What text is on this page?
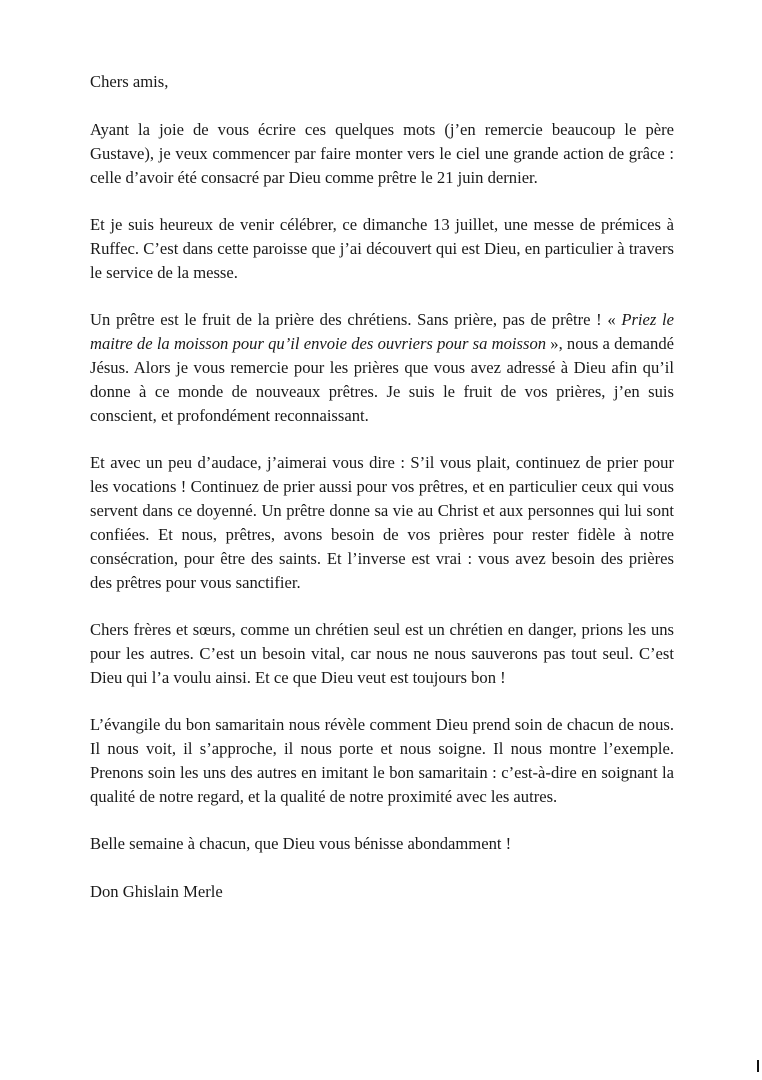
Chers amis,

Ayant la joie de vous écrire ces quelques mots (j’en remercie beaucoup le père Gustave), je veux commencer par faire monter vers le ciel une grande action de grâce : celle d’avoir été consacré par Dieu comme prêtre le 21 juin dernier.

Et je suis heureux de venir célébrer, ce dimanche 13 juillet, une messe de prémices à Ruffec. C’est dans cette paroisse que j’ai découvert qui est Dieu, en particulier à travers le service de la messe.

Un prêtre est le fruit de la prière des chrétiens. Sans prière, pas de prêtre ! « Priez le maitre de la moisson pour qu’il envoie des ouvriers pour sa moisson », nous a demandé Jésus. Alors je vous remercie pour les prières que vous avez adressé à Dieu afin qu’il donne à ce monde de nouveaux prêtres. Je suis le fruit de vos prières, j’en suis conscient, et profondément reconnaissant.

Et avec un peu d’audace, j’aimerai vous dire : S’il vous plait, continuez de prier pour les vocations ! Continuez de prier aussi pour vos prêtres, et en particulier ceux qui vous servent dans ce doyenné. Un prêtre donne sa vie au Christ et aux personnes qui lui sont confiées. Et nous, prêtres, avons besoin de vos prières pour rester fidèle à notre consécration, pour être des saints. Et l’inverse est vrai : vous avez besoin des prières des prêtres pour vous sanctifier.

Chers frères et sœurs, comme un chrétien seul est un chrétien en danger, prions les uns pour les autres. C’est un besoin vital, car nous ne nous sauverons pas tout seul. C’est Dieu qui l’a voulu ainsi. Et ce que Dieu veut est toujours bon !

L’évangile du bon samaritain nous révèle comment Dieu prend soin de chacun de nous. Il nous voit, il s’approche, il nous porte et nous soigne. Il nous montre l’exemple. Prenons soin les uns des autres en imitant le bon samaritain : c’est-à-dire en soignant la qualité de notre regard, et la qualité de notre proximité avec les autres.

Belle semaine à chacun, que Dieu vous bénisse abondamment !

Don Ghislain Merle
